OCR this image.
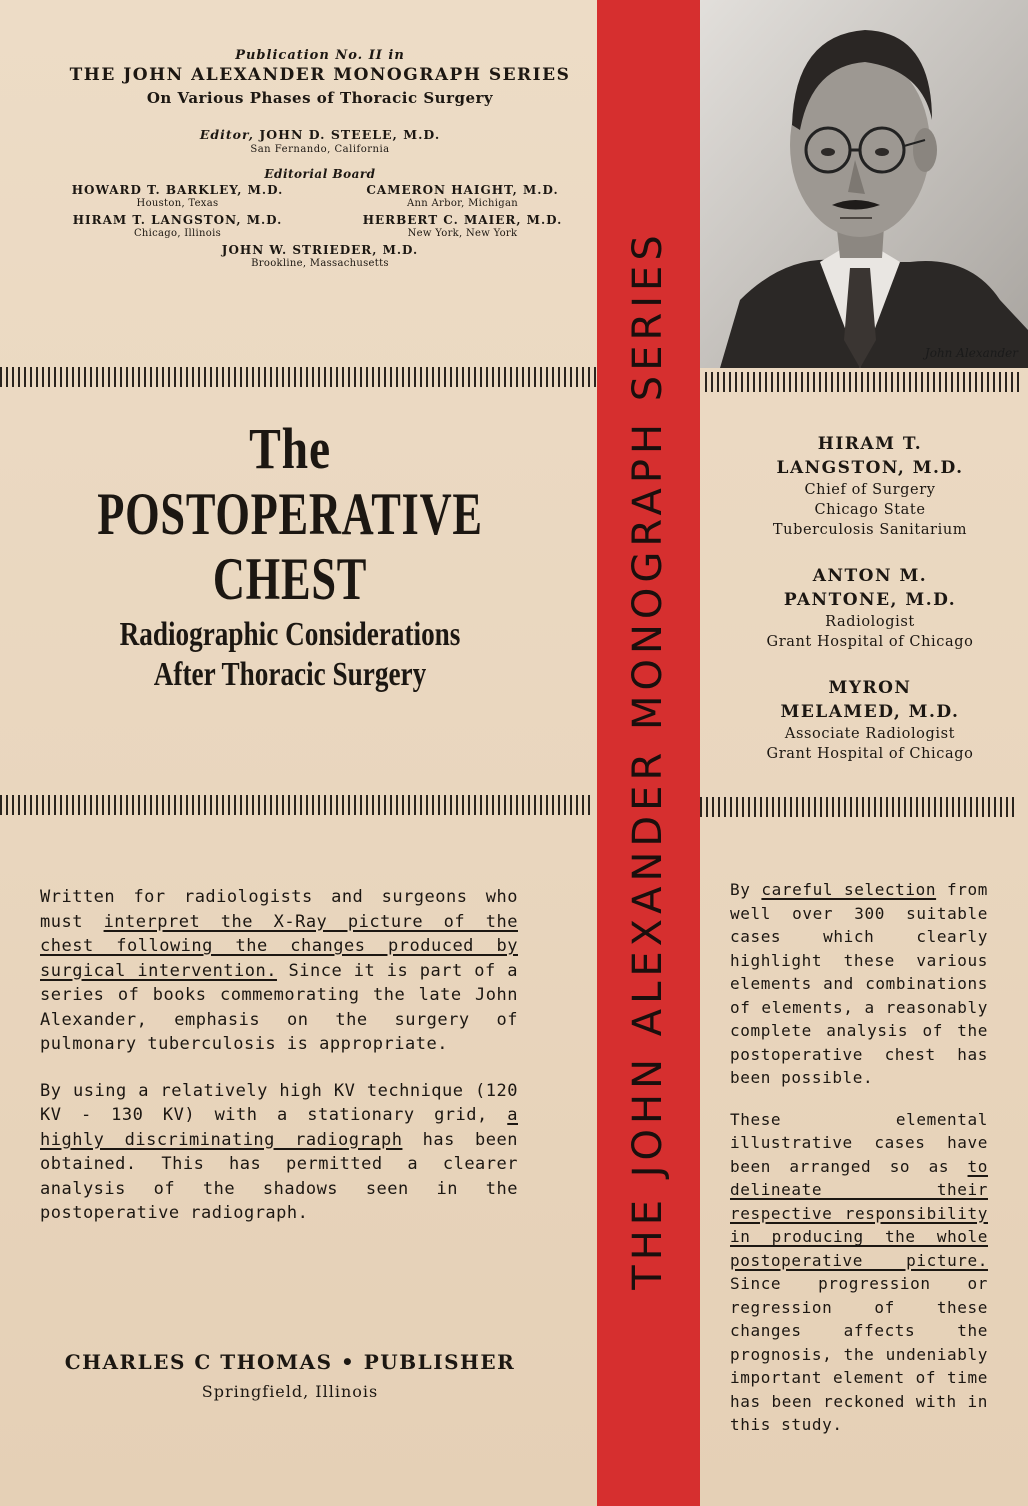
Publication No. II in
THE JOHN ALEXANDER MONOGRAPH SERIES
On Various Phases of Thoracic Surgery
Editor, JOHN D. STEELE, M.D.
San Fernando, California
Editorial Board
HOWARD T. BARKLEY, M.D.
Houston, Texas
CAMERON HAIGHT, M.D.
Ann Arbor, Michigan
HIRAM T. LANGSTON, M.D.
Chicago, Illinois
HERBERT C. MAIER, M.D.
New York, New York
JOHN W. STRIEDER, M.D.
Brookline, Massachusetts
The
POSTOPERATIVE
CHEST
Radiographic Considerations
After Thoracic Surgery

Written for radiologists and surgeons who must interpret the X-Ray picture of the chest following the changes produced by surgical intervention. Since it is part of a series of books commemorating the late John Alexander, emphasis on the surgery of pulmonary tuberculosis is appropriate.

By using a relatively high KV technique (120 KV - 130 KV) with a stationary grid, a highly discriminating radiograph has been obtained. This has permitted a clearer analysis of the shadows seen in the postoperative radiograph.

CHARLES C THOMAS • PUBLISHER
Springfield, Illinois
THE JOHN ALEXANDER MONOGRAPH SERIES	John Alexander
HIRAM T.
LANGSTON, M.D.
Chief of Surgery
Chicago State
Tuberculosis Sanitarium
ANTON M.
PANTONE, M.D.
Radiologist
Grant Hospital of Chicago
MYRON
MELAMED, M.D.
Associate Radiologist
Grant Hospital of Chicago

By careful selection from well over 300 suitable cases which clearly highlight these various elements and combinations of elements, a reasonably complete analysis of the postoperative chest has been possible.

These elemental illustrative cases have been arranged so as to delineate their respective responsibility in producing the whole postoperative picture. Since progression or regression of these changes affects the prognosis, the undeniably important element of time has been reckoned with in this study.
